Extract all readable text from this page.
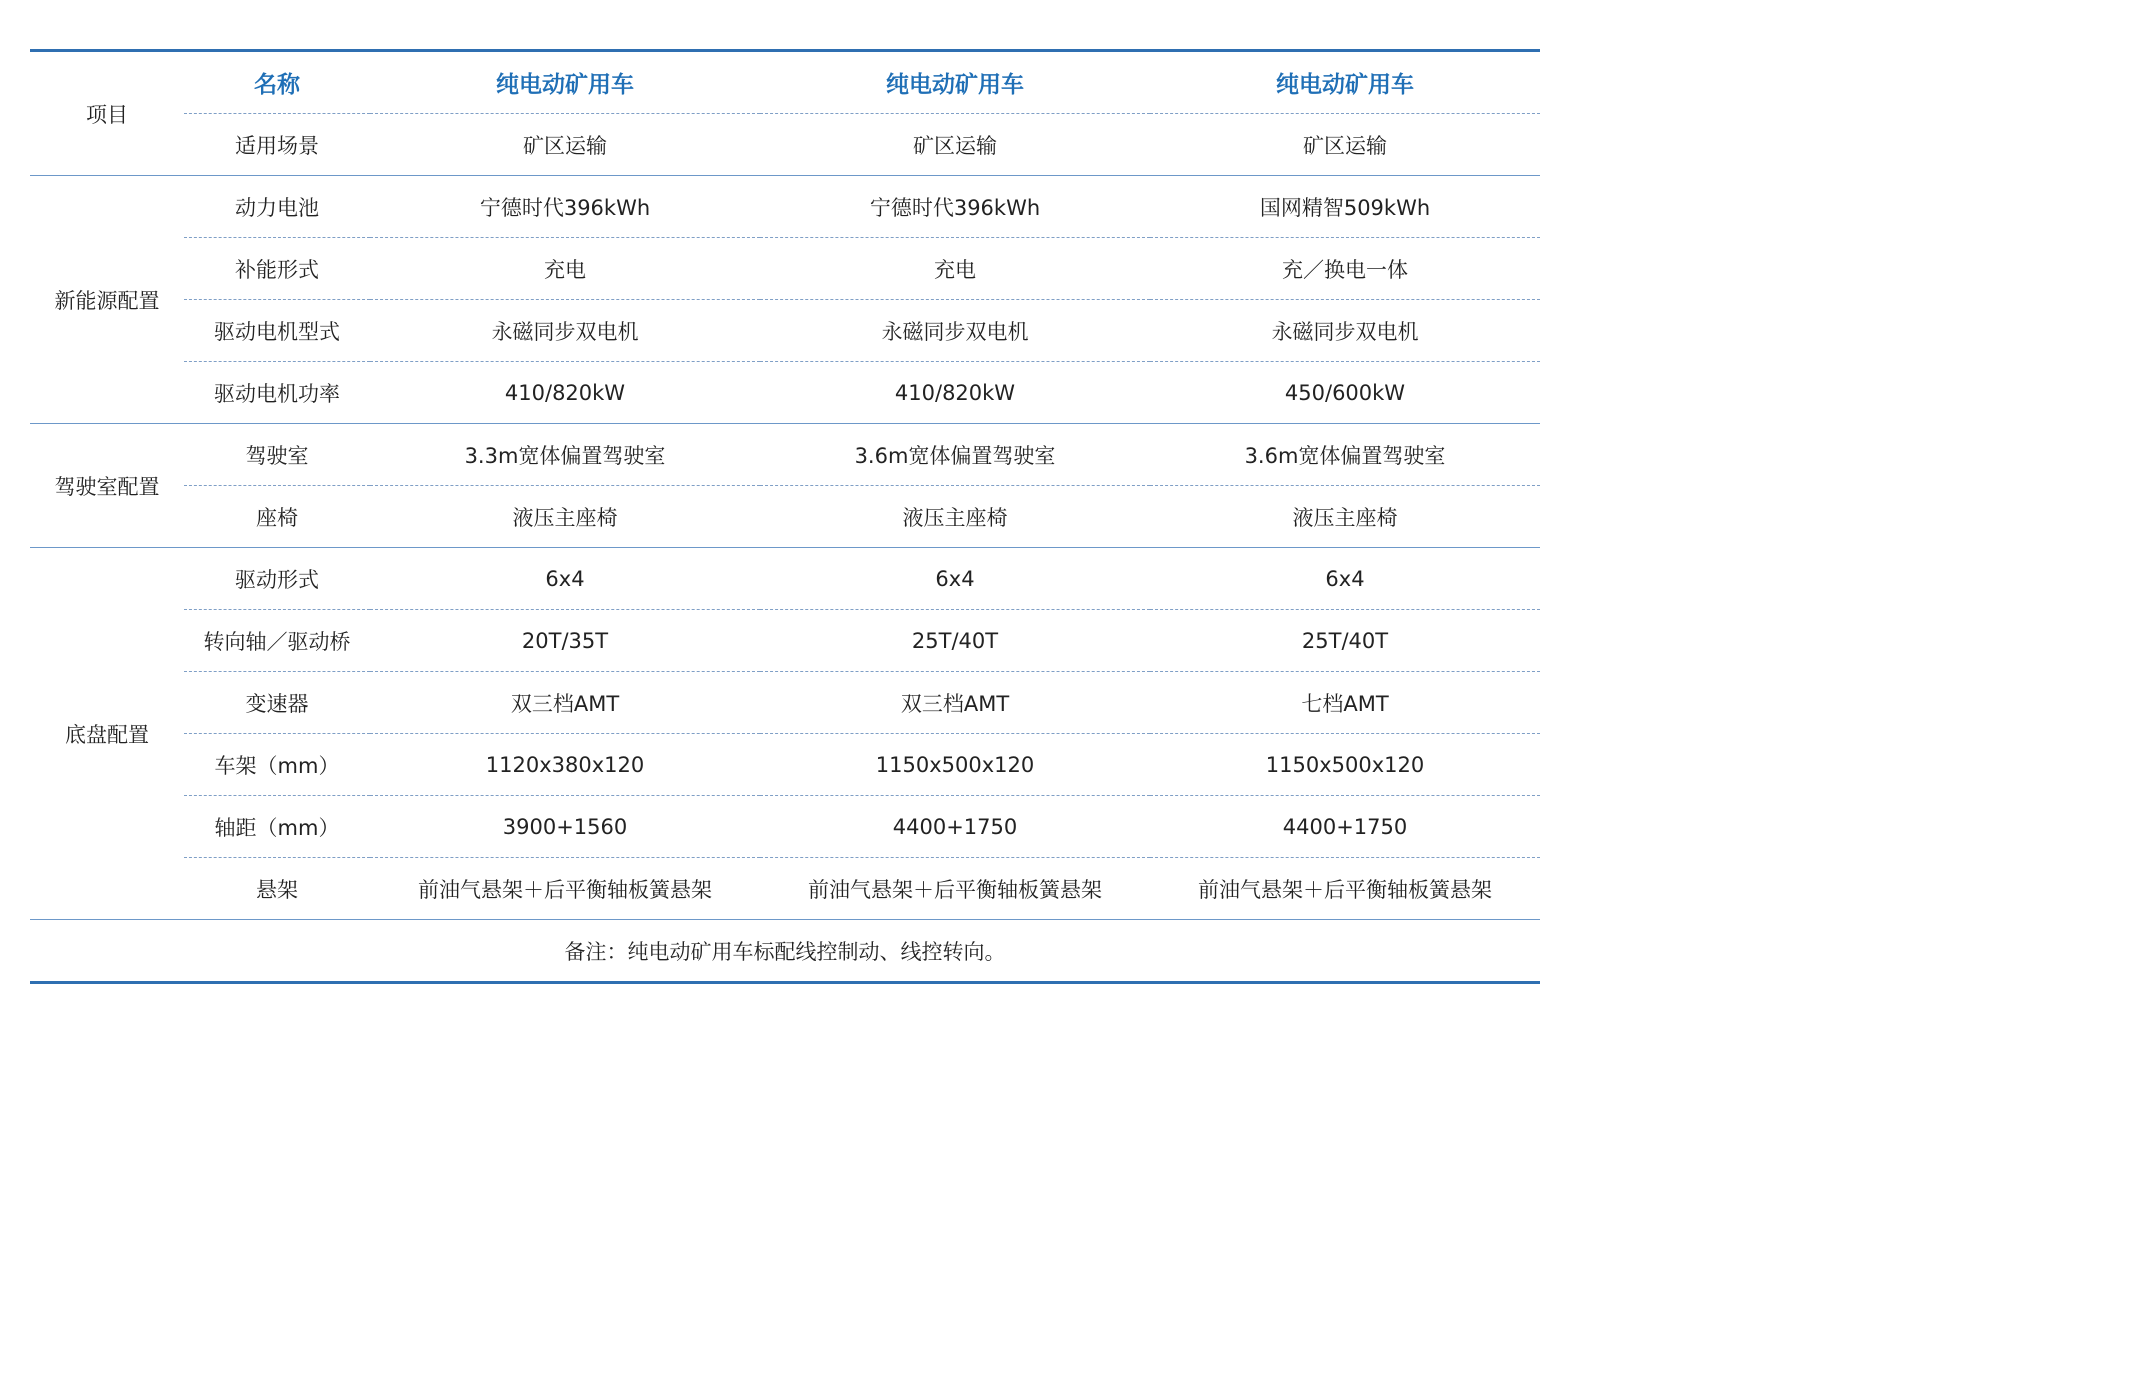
项目	名称	纯电动矿用车	纯电动矿用车	纯电动矿用车
	适用场景	矿区运输	矿区运输	矿区运输
新能源配置	动力电池	宁德时代396kWh	宁德时代396kWh	国网精智509kWh
	补能形式	充电	充电	充／换电一体
	驱动电机型式	永磁同步双电机	永磁同步双电机	永磁同步双电机
	驱动电机功率	410/820kW	410/820kW	450/600kW
驾驶室配置	驾驶室	3.3m宽体偏置驾驶室	3.6m宽体偏置驾驶室	3.6m宽体偏置驾驶室
	座椅	液压主座椅	液压主座椅	液压主座椅
底盘配置	驱动形式	6x4	6x4	6x4
	转向轴／驱动桥	20T/35T	25T/40T	25T/40T
	变速器	双三档AMT	双三档AMT	七档AMT
	车架（mm）	1120x380x120	1150x500x120	1150x500x120
	轴距（mm）	3900+1560	4400+1750	4400+1750
	悬架	前油气悬架＋后平衡轴板簧悬架	前油气悬架＋后平衡轴板簧悬架	前油气悬架＋后平衡轴板簧悬架
备注：纯电动矿用车标配线控制动、线控转向。				
